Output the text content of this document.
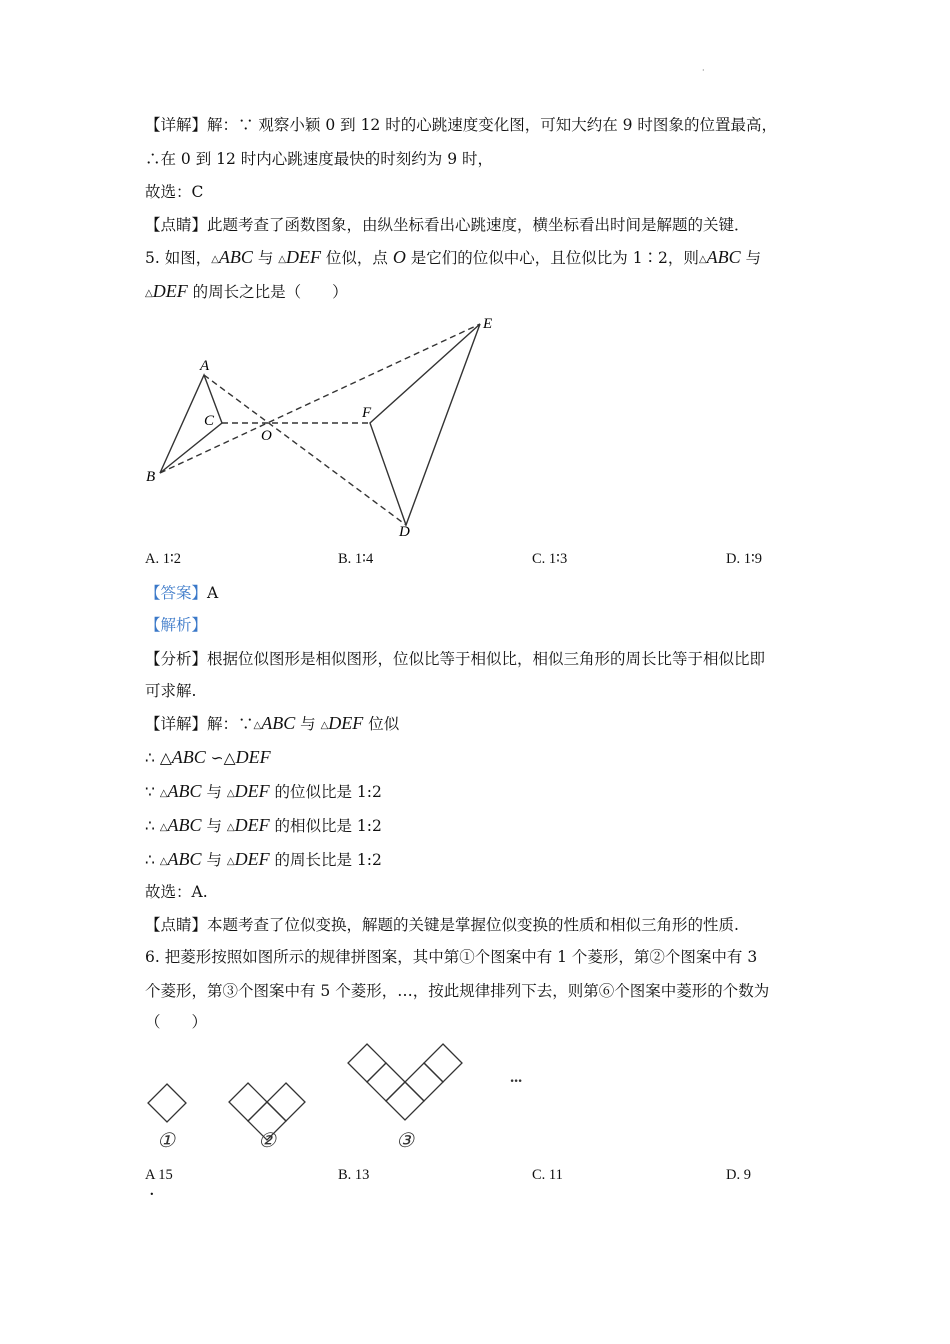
·
【详解】解：∵ 观察小颖 0 到 12 时的心跳速度变化图，可知大约在 9 时图象的位置最高，
∴在 0 到 12 时内心跳速度最快的时刻约为 9 时，
故选：C
【点睛】此题考查了函数图象，由纵坐标看出心跳速度，横坐标看出时间是解题的关键．
5. 如图，△ABC 与 △DEF 位似，点 O 是它们的位似中心，且位似比为 1∶2，则△ABC 与
△DEF 的周长之比是（　　）
A
B
C
O
F
E
D
A. 1∶2	B. 1∶4	C. 1∶3	D. 1∶9
【答案】A
【解析】
【分析】根据位似图形是相似图形，位似比等于相似比，相似三角形的周长比等于相似比即
可求解.
【详解】解：∵△ABC 与 △DEF 位似
∴ △ABC ∽△DEF
∵ △ABC 与 △DEF 的位似比是 1:2
∴ △ABC 与 △DEF 的相似比是 1:2
∴ △ABC 与 △DEF 的周长比是 1:2
故选：A.
【点睛】本题考查了位似变换，解题的关键是掌握位似变换的性质和相似三角形的性质.
6. 把菱形按照如图所示的规律拼图案，其中第①个图案中有 1 个菱形，第②个图案中有 3
个菱形，第③个图案中有 5 个菱形，…，按此规律排列下去，则第⑥个图案中菱形的个数为
（　　）
···
①	②	③
A 15	B. 13	C. 11	D. 9
.
